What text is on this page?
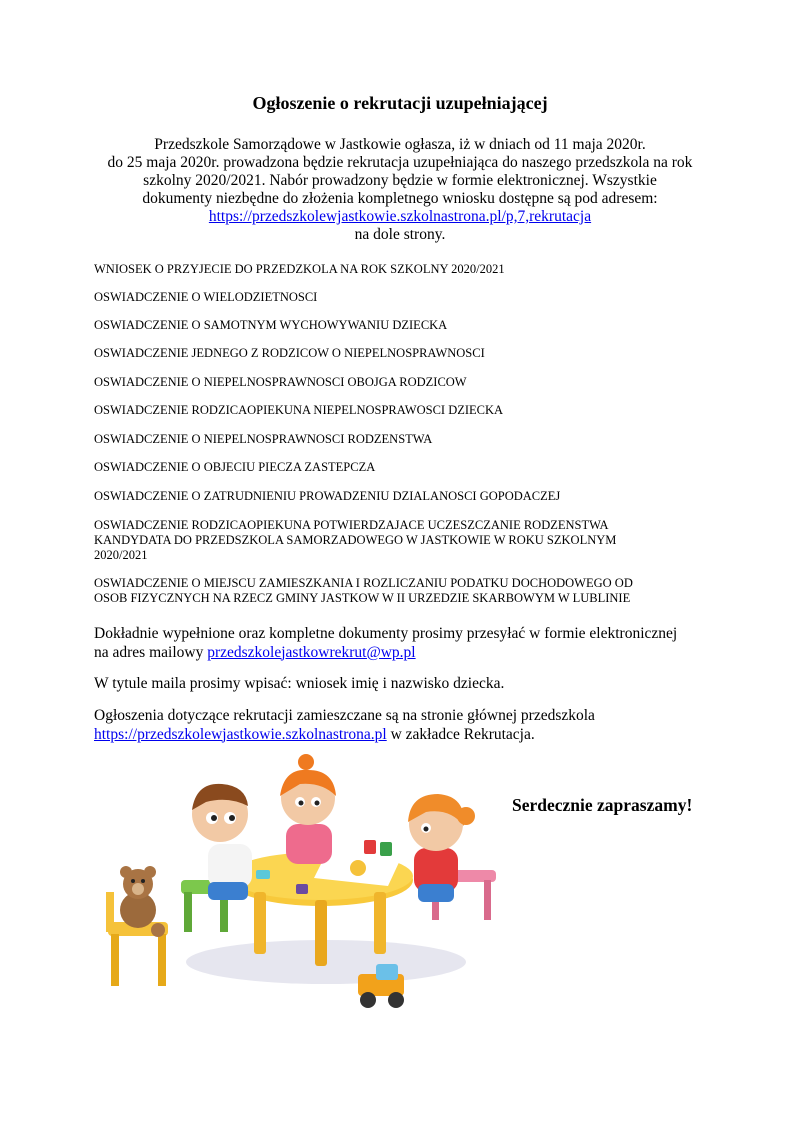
Ogłoszenie o rekrutacji uzupełniającej

Przedszkole Samorządowe w Jastkowie ogłasza, iż w dniach od 11 maja 2020r.

do 25 maja 2020r. prowadzona będzie rekrutacja uzupełniająca do naszego przedszkola na rok

szkolny 2020/2021. Nabór prowadzony będzie w formie elektronicznej. Wszystkie

dokumenty niezbędne do złożenia kompletnego wniosku dostępne są pod adresem:

https://przedszkolewjastkowie.szkolnastrona.pl/p,7,rekrutacja

na dole strony.

WNIOSEK O PRZYJECIE DO PRZEDZKOLA NA ROK SZKOLNY 2020/2021
OSWIADCZENIE O WIELODZIETNOSCI
OSWIADCZENIE O SAMOTNYM WYCHOWYWANIU DZIECKA
OSWIADCZENIE JEDNEGO Z RODZICOW O NIEPELNOSPRAWNOSCI
OSWIADCZENIE O NIEPELNOSPRAWNOSCI OBOJGA RODZICOW
OSWIADCZENIE RODZICAOPIEKUNA NIEPELNOSPRAWOSCI DZIECKA
OSWIADCZENIE O NIEPELNOSPRAWNOSCI RODZENSTWA
OSWIADCZENIE O OBJECIU PIECZA ZASTEPCZA
OSWIADCZENIE O ZATRUDNIENIU PROWADZENIU DZIALANOSCI GOPODACZEJ
OSWIADCZENIE RODZICAOPIEKUNA POTWIERDZAJACE UCZESZCZANIE RODZENSTWA
KANDYDATA DO PRZEDSZKOLA SAMORZADOWEGO W JASTKOWIE W ROKU SZKOLNYM
2020/2021
OSWIADCZENIE O MIEJSCU ZAMIESZKANIA I ROZLICZANIU PODATKU DOCHODOWEGO OD
OSOB FIZYCZNYCH NA RZECZ GMINY JASTKOW W II URZEDZIE SKARBOWYM W LUBLINIE
Dokładnie wypełnione oraz kompletne dokumenty prosimy przesyłać w formie elektronicznej
na adres mailowy przedszkolejastkowrekrut@wp.pl
W tytule maila prosimy wpisać: wniosek imię i nazwisko dziecka.
Ogłoszenia dotyczące rekrutacji zamieszczane są na stronie głównej przedszkola
https://przedszkolewjastkowie.szkolnastrona.pl w zakładce Rekrutacja.
Serdecznie zapraszamy!
